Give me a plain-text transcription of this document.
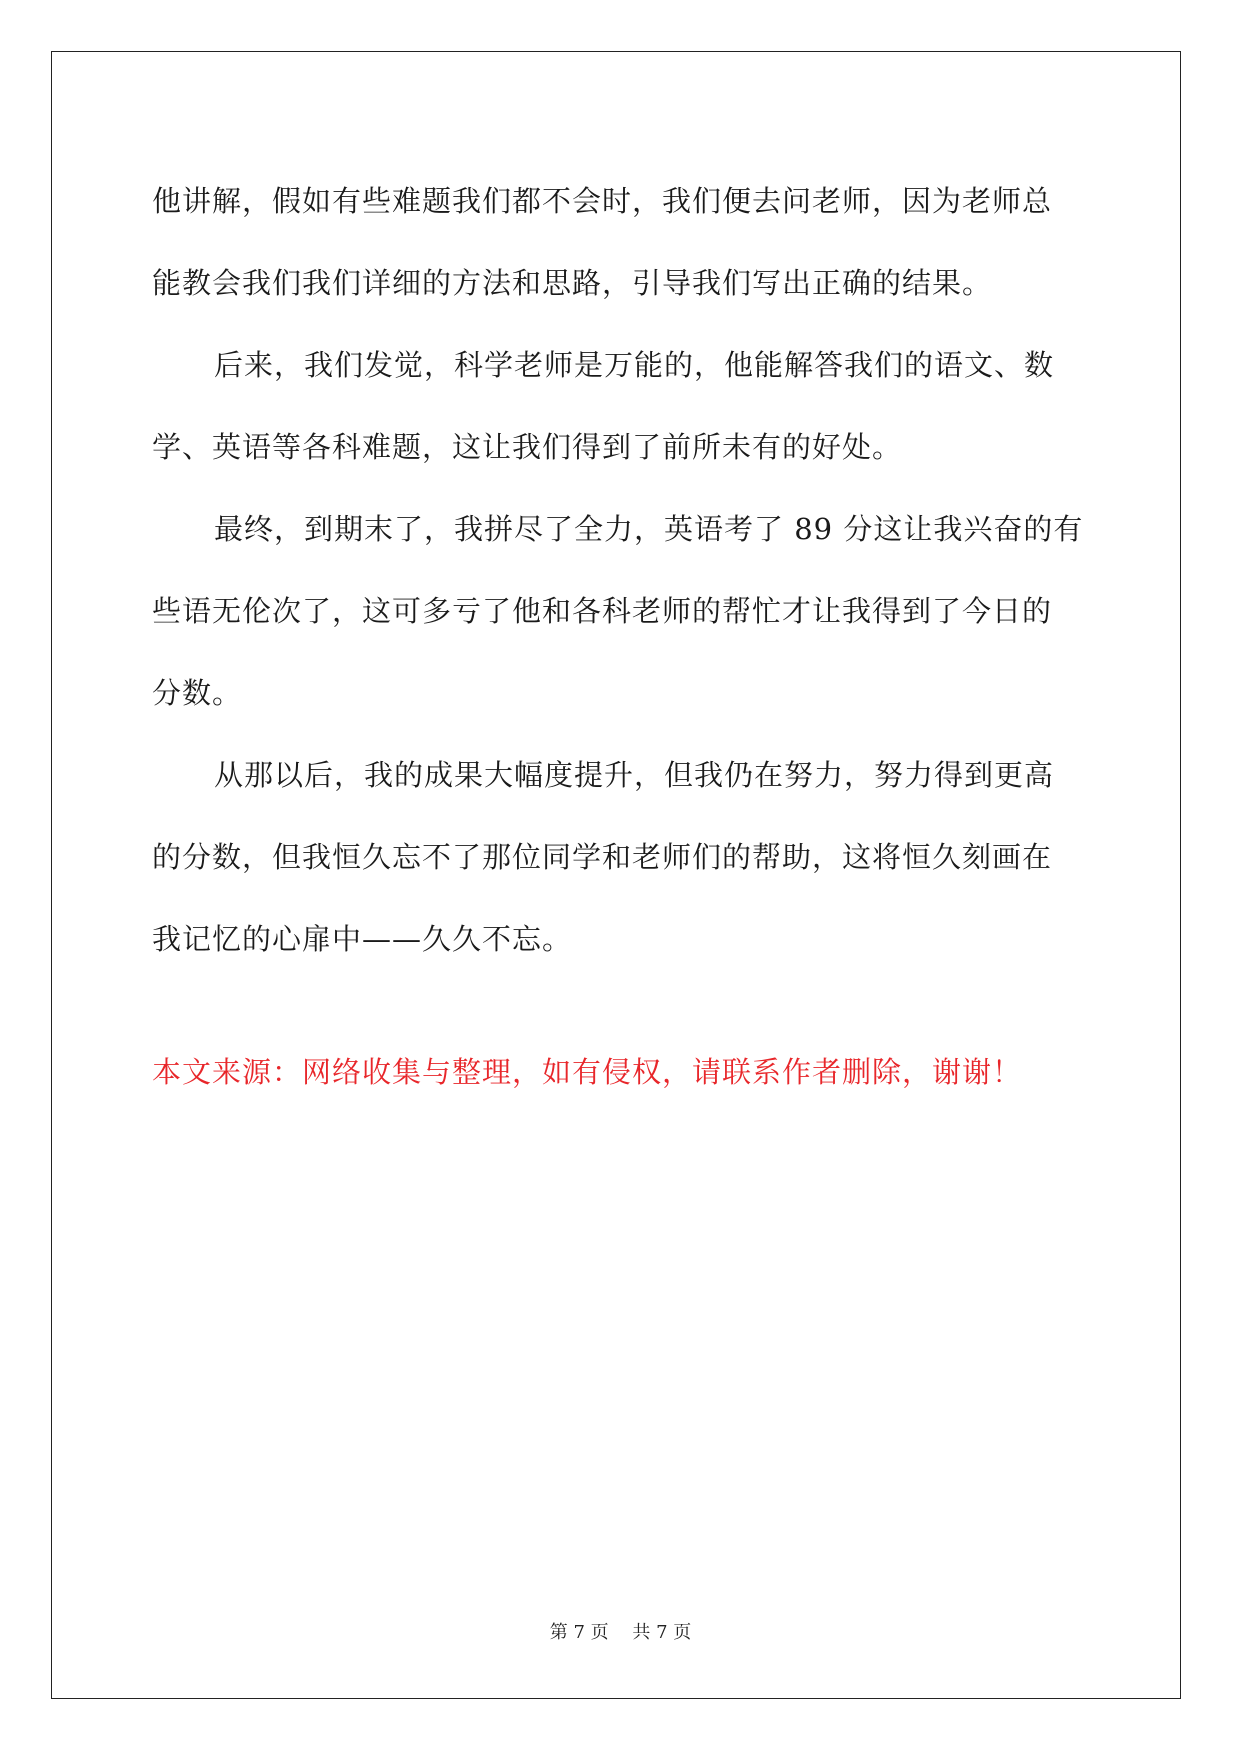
他讲解，假如有些难题我们都不会时，我们便去问老师，因为老师总
能教会我们我们详细的方法和思路，引导我们写出正确的结果。
后来，我们发觉，科学老师是万能的，他能解答我们的语文、数
学、英语等各科难题，这让我们得到了前所未有的好处。
最终，到期末了，我拼尽了全力，英语考了 89 分这让我兴奋的有
些语无伦次了，这可多亏了他和各科老师的帮忙才让我得到了今日的
分数。
从那以后，我的成果大幅度提升，但我仍在努力，努力得到更高
的分数，但我恒久忘不了那位同学和老师们的帮助，这将恒久刻画在
我记忆的心扉中——久久不忘。
本文来源：网络收集与整理，如有侵权，请联系作者删除，谢谢！
第 7 页 共 7 页
